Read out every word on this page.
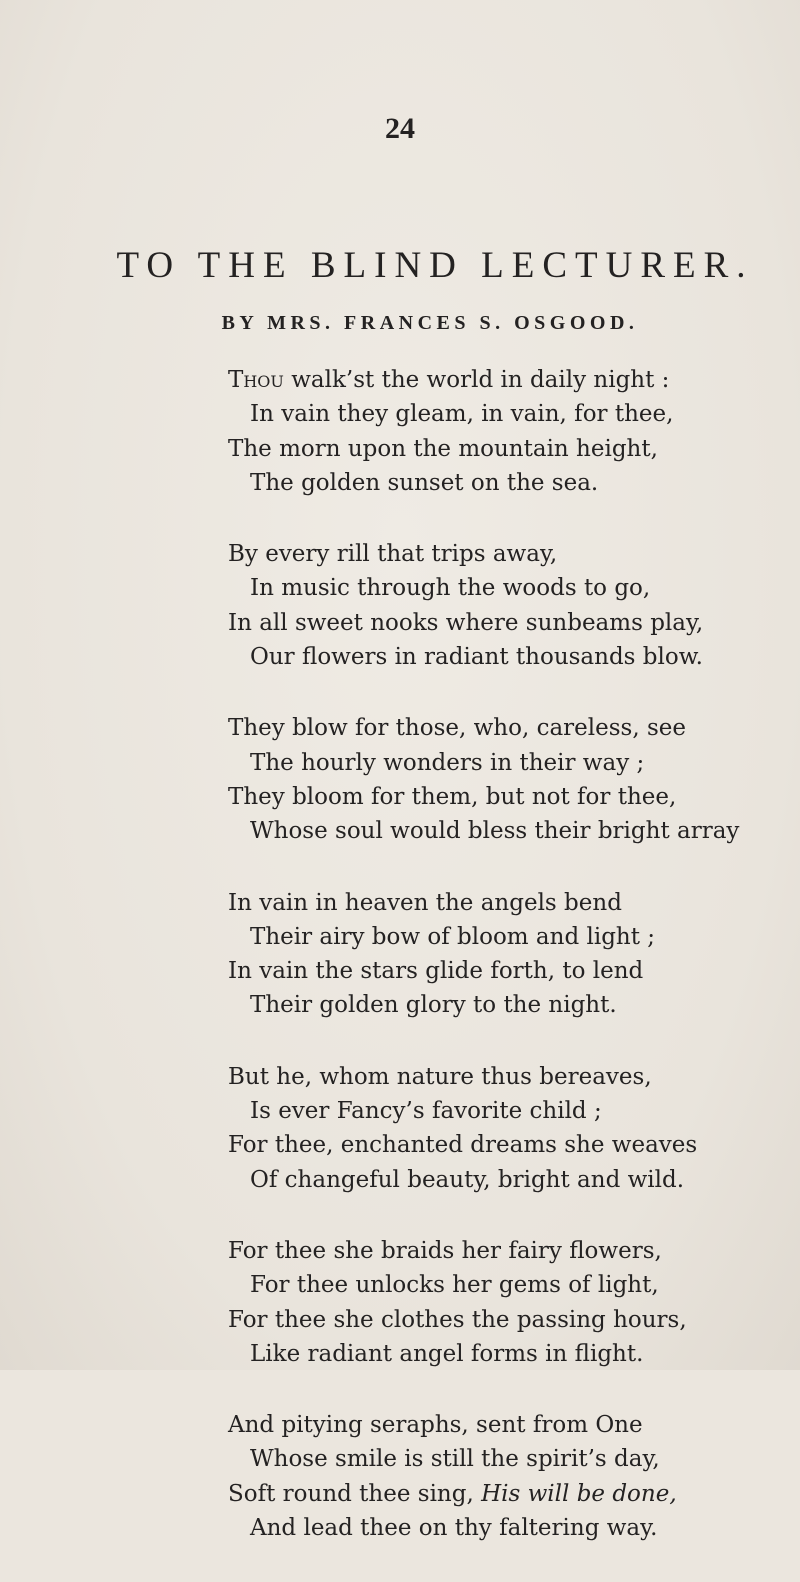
24
TO THE BLIND LECTURER.
BY MRS. FRANCES S. OSGOOD.
Thou walk’st the world in daily night :
In vain they gleam, in vain, for thee,
The morn upon the mountain height,
The golden sunset on the sea.
By every rill that trips away,
In music through the woods to go,
In all sweet nooks where sunbeams play,
Our flowers in radiant thousands blow.
They blow for those, who, careless, see
The hourly wonders in their way ;
They bloom for them, but not for thee,
Whose soul would bless their bright array
In vain in heaven the angels bend
Their airy bow of bloom and light ;
In vain the stars glide forth, to lend
Their golden glory to the night.
But he, whom nature thus bereaves,
Is ever Fancy’s favorite child ;
For thee, enchanted dreams she weaves
Of changeful beauty, bright and wild.
For thee she braids her fairy flowers,
For thee unlocks her gems of light,
For thee she clothes the passing hours,
Like radiant angel forms in flight.
And pitying seraphs, sent from One
Whose smile is still the spirit’s day,
Soft round thee sing, His will be done,
And lead thee on thy faltering way.
